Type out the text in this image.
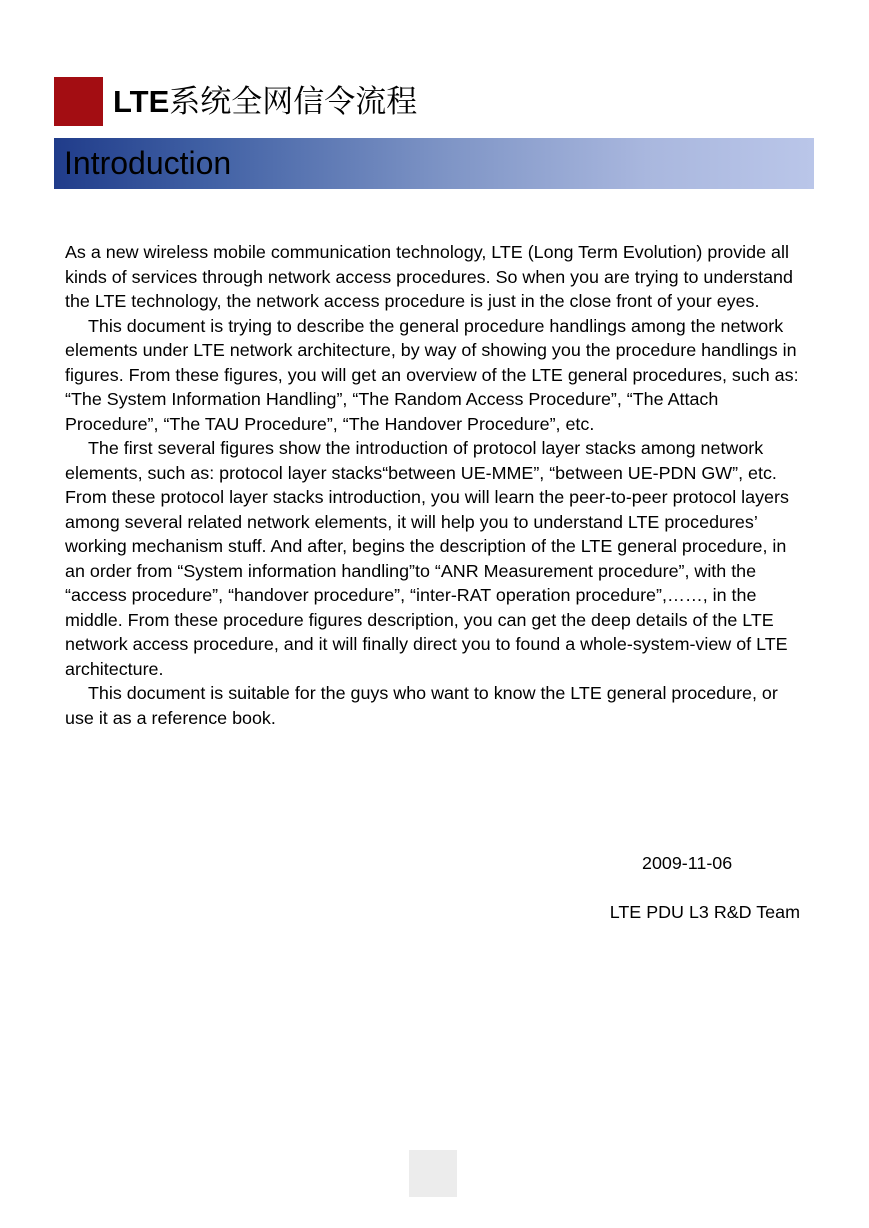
LTE系统全网信令流程
Introduction

As a new wireless mobile communication technology, LTE (Long Term Evolution) provide all kinds of services through network access procedures. So when you are trying to understand the LTE technology, the network access procedure is just in the close front of your eyes.

This document is trying to describe the general procedure handlings among the network elements under LTE network architecture, by way of showing you the procedure handlings in figures. From these figures, you will get an overview of the LTE general procedures, such as: “The System Information Handling”, “The Random Access Procedure”, “The Attach Procedure”, “The TAU Procedure”, “The Handover Procedure”, etc.

The first several figures show the introduction of protocol layer stacks among network elements, such as: protocol layer stacks“between UE-MME”, “between UE-PDN GW”, etc. From these protocol layer stacks introduction, you will learn the peer-to-peer protocol layers among several related network elements, it will help you to understand LTE procedures’ working mechanism stuff. And after, begins the description of the LTE general procedure, in an order from “System information handling”to “ANR Measurement procedure”, with the “access procedure”, “handover procedure”, “inter-RAT operation procedure”,……, in the middle. From these procedure figures description, you can get the deep details of the LTE network access procedure, and it will finally direct you to found a whole-system-view of LTE architecture.

This document is suitable for the guys who want to know the LTE general procedure, or use it as a reference book.

2009-11-06
LTE PDU L3 R&D Team
